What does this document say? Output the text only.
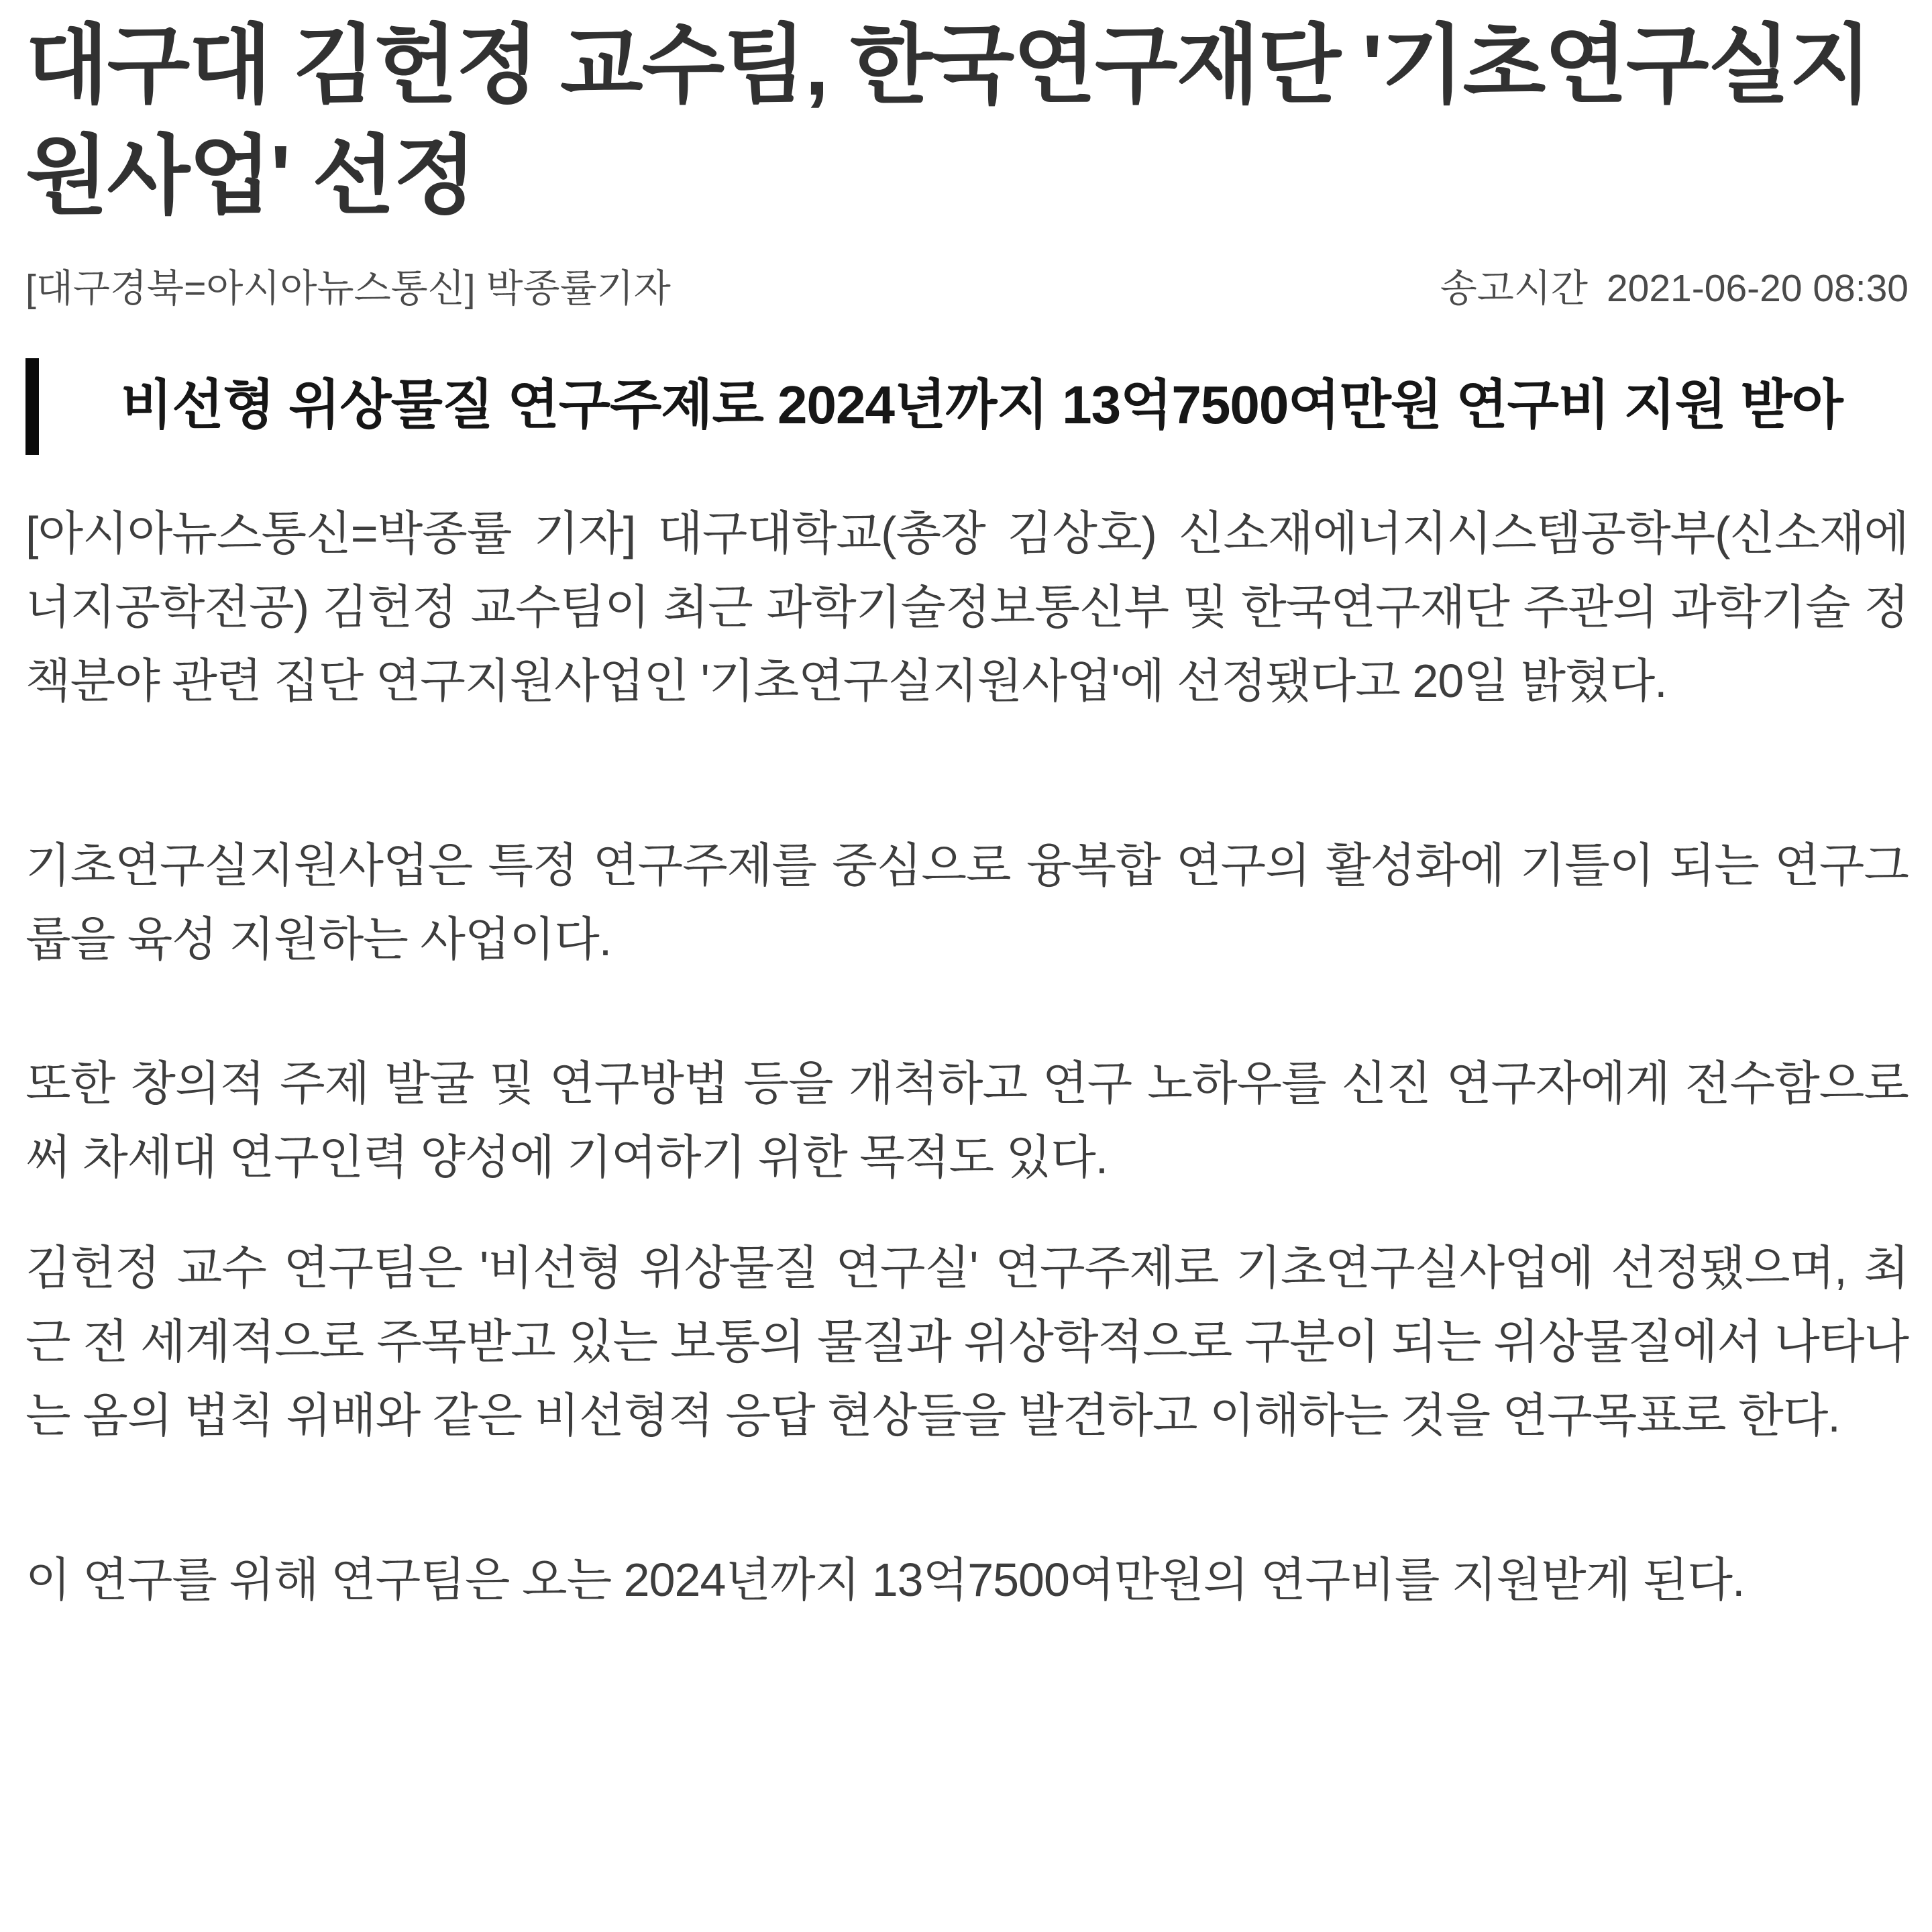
대구대 김헌정 교수팀, 한국연구재단 '기초연구실지원사업' 선정
[대구경북=아시아뉴스통신] 박종률기자	송고시간 2021-06-20 08:30
비선형 위상물질 연구주제로 2024년까지 13억7500여만원 연구비 지원 받아

[아시아뉴스통신=박종률 기자] 대구대학교(총장 김상호) 신소재에너지시스템공학부(신소재에너지공학전공) 김헌정 교수팀이 최근 과학기술정보통신부 및 한국연구재단 주관의 과학기술 정책분야 관련 집단 연구지원사업인 '기초연구실지원사업'에 선정됐다고 20일 밝혔다.

기초연구실지원사업은 특정 연구주제를 중심으로 융복합 연구의 활성화에 기틀이 되는 연구그룹을 육성 지원하는 사업이다.

또한 창의적 주제 발굴 및 연구방법 등을 개척하고 연구 노하우를 신진 연구자에게 전수함으로써 차세대 연구인력 양성에 기여하기 위한 목적도 있다.

김헌정 교수 연구팀은 '비선형 위상물질 연구실' 연구주제로 기초연구실사업에 선정됐으며, 최근 전 세계적으로 주목받고 있는 보통의 물질과 위상학적으로 구분이 되는 위상물질에서 나타나는 옴의 법칙 위배와 같은 비선형적 응답 현상들을 발견하고 이해하는 것을 연구목표로 한다.

이 연구를 위해 연구팀은 오는 2024년까지 13억7500여만원의 연구비를 지원받게 된다.
